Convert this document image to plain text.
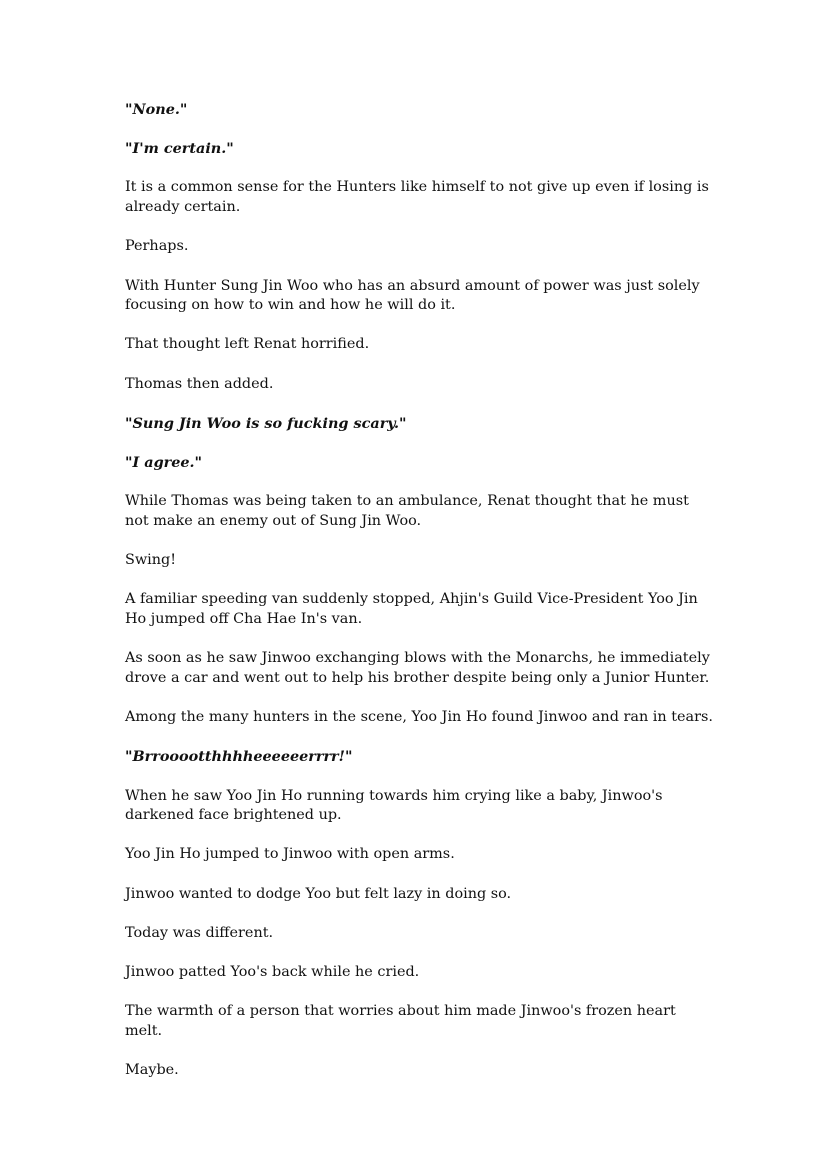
"None."

"I'm certain."

It is a common sense for the Hunters like himself to not give up even if losing is already certain.

Perhaps.

With Hunter Sung Jin Woo who has an absurd amount of power was just solely focusing on how to win and how he will do it.

That thought left Renat horrified.

Thomas then added.

"Sung Jin Woo is so fucking scary."

"I agree."

While Thomas was being taken to an ambulance, Renat thought that he must not make an enemy out of Sung Jin Woo.

Swing!

A familiar speeding van suddenly stopped, Ahjin's Guild Vice-President Yoo Jin Ho jumped off Cha Hae In's van.

As soon as he saw Jinwoo exchanging blows with the Monarchs, he immediately drove a car and went out to help his brother despite being only a Junior Hunter.

Among the many hunters in the scene, Yoo Jin Ho found Jinwoo and ran in tears.

"Brrooootthhhheeeeeerrrr!"

When he saw Yoo Jin Ho running towards him crying like a baby, Jinwoo's darkened face brightened up.

Yoo Jin Ho jumped to Jinwoo with open arms.

Jinwoo wanted to dodge Yoo but felt lazy in doing so.

Today was different.

Jinwoo patted Yoo's back while he cried.

The warmth of a person that worries about him made Jinwoo's frozen heart melt.

Maybe.
